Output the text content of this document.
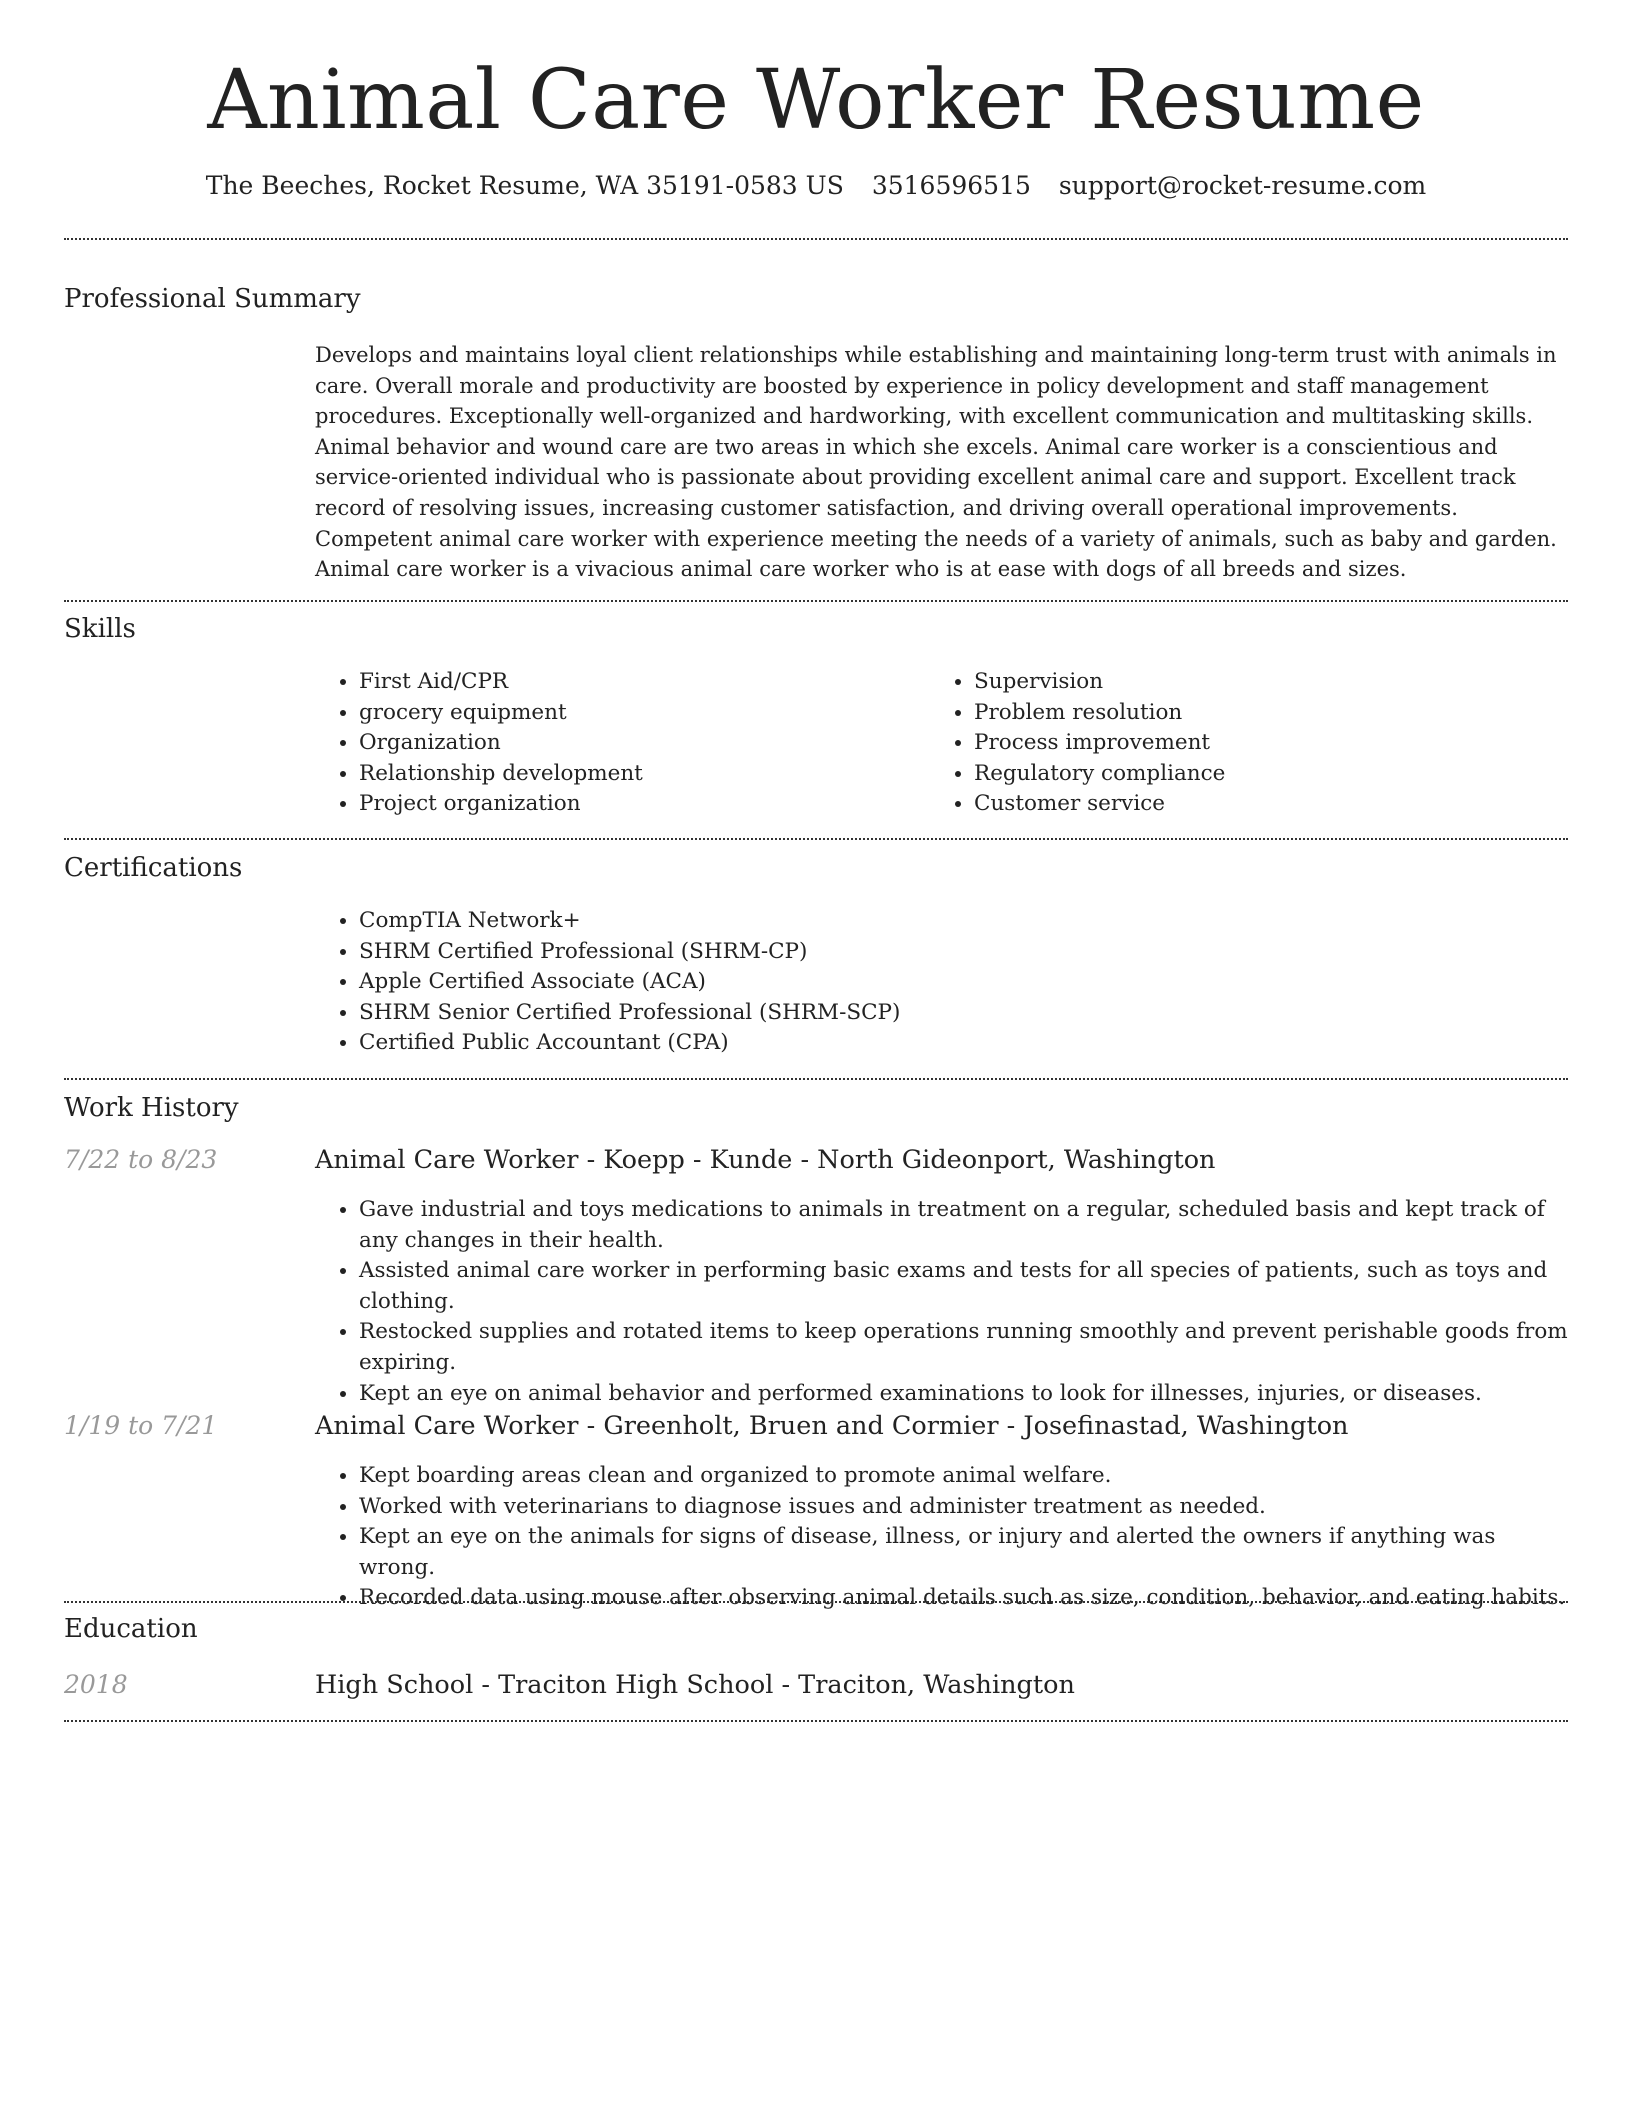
Animal Care Worker Resume
The Beeches, Rocket Resume, WA 35191-0583 US 3516596515 support@rocket-resume.com
Professional Summary

Develops and maintains loyal client relationships while establishing and maintaining long-term trust with animals in care. Overall morale and productivity are boosted by experience in policy development and staff management procedures. Exceptionally well-organized and hardworking, with excellent communication and multitasking skills. Animal behavior and wound care are two areas in which she excels. Animal care worker is a conscientious and service-oriented individual who is passionate about providing excellent animal care and support. Excellent track record of resolving issues, increasing customer satisfaction, and driving overall operational improvements. Competent animal care worker with experience meeting the needs of a variety of animals, such as baby and garden. Animal care worker is a vivacious animal care worker who is at ease with dogs of all breeds and sizes.

Skills
• First Aid/CPR
• grocery equipment
• Organization
• Relationship development
• Project organization
• Supervision
• Problem resolution
• Process improvement
• Regulatory compliance
• Customer service
Certifications
• CompTIA Network+
• SHRM Certified Professional (SHRM-CP)
• Apple Certified Associate (ACA)
• SHRM Senior Certified Professional (SHRM-SCP)
• Certified Public Accountant (CPA)
Work History
7/22 to 8/23	Animal Care Worker - Koepp - Kunde - North Gideonport, Washington
• Gave industrial and toys medications to animals in treatment on a regular, scheduled basis and kept track of any changes in their health.
• Assisted animal care worker in performing basic exams and tests for all species of patients, such as toys and clothing.
• Restocked supplies and rotated items to keep operations running smoothly and prevent perishable goods from expiring.
• Kept an eye on animal behavior and performed examinations to look for illnesses, injuries, or diseases.
1/19 to 7/21	Animal Care Worker - Greenholt, Bruen and Cormier - Josefinastad, Washington
• Kept boarding areas clean and organized to promote animal welfare.
• Worked with veterinarians to diagnose issues and administer treatment as needed.
• Kept an eye on the animals for signs of disease, illness, or injury and alerted the owners if anything was wrong.
• Recorded data using mouse after observing animal details such as size, condition, behavior, and eating habits.
Education
2018	High School - Traciton High School - Traciton, Washington
